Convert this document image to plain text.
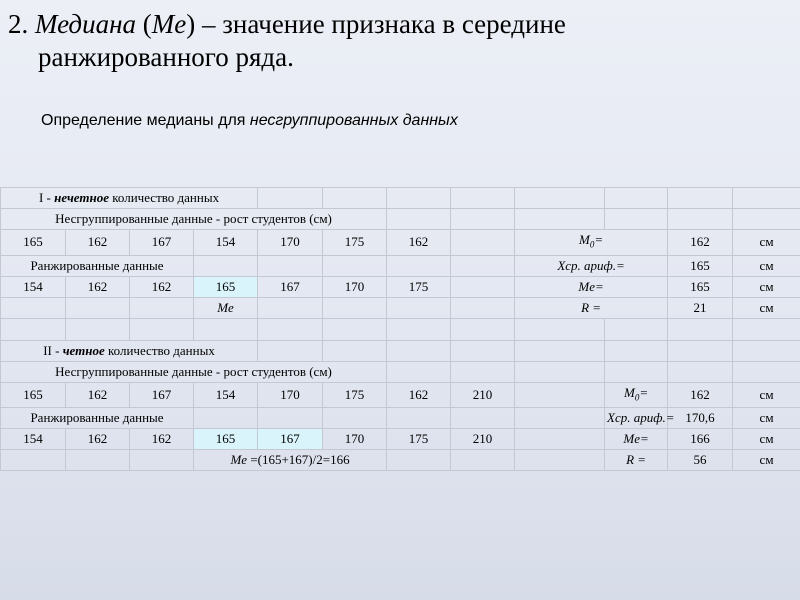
2. Медиана (Me) – значение признака в середине
ранжированного ряда.
Определение медианы для несгруппированных данных
I - нечетное количество данных											
Несгруппированные данные - рост студентов (см)											
165	162	167	154	170	175	162		$M_0=$		162	см
Ранжированные данные								Xср. ариф.=		165	см
154	162	162	165	167	170	175		Me=		165	см
			Me					R =		21	см

II - четное количество данных											
Несгруппированные данные - рост студентов (см)											
165	162	167	154	170	175	162	210		$M_0=$	162	см
Ранжированные данные									Xср. ариф.=	170,6	см
154	162	162	165	167	170	175	210		Me=	166	см
			Me =(165+167)/2=166						R =	56	см
